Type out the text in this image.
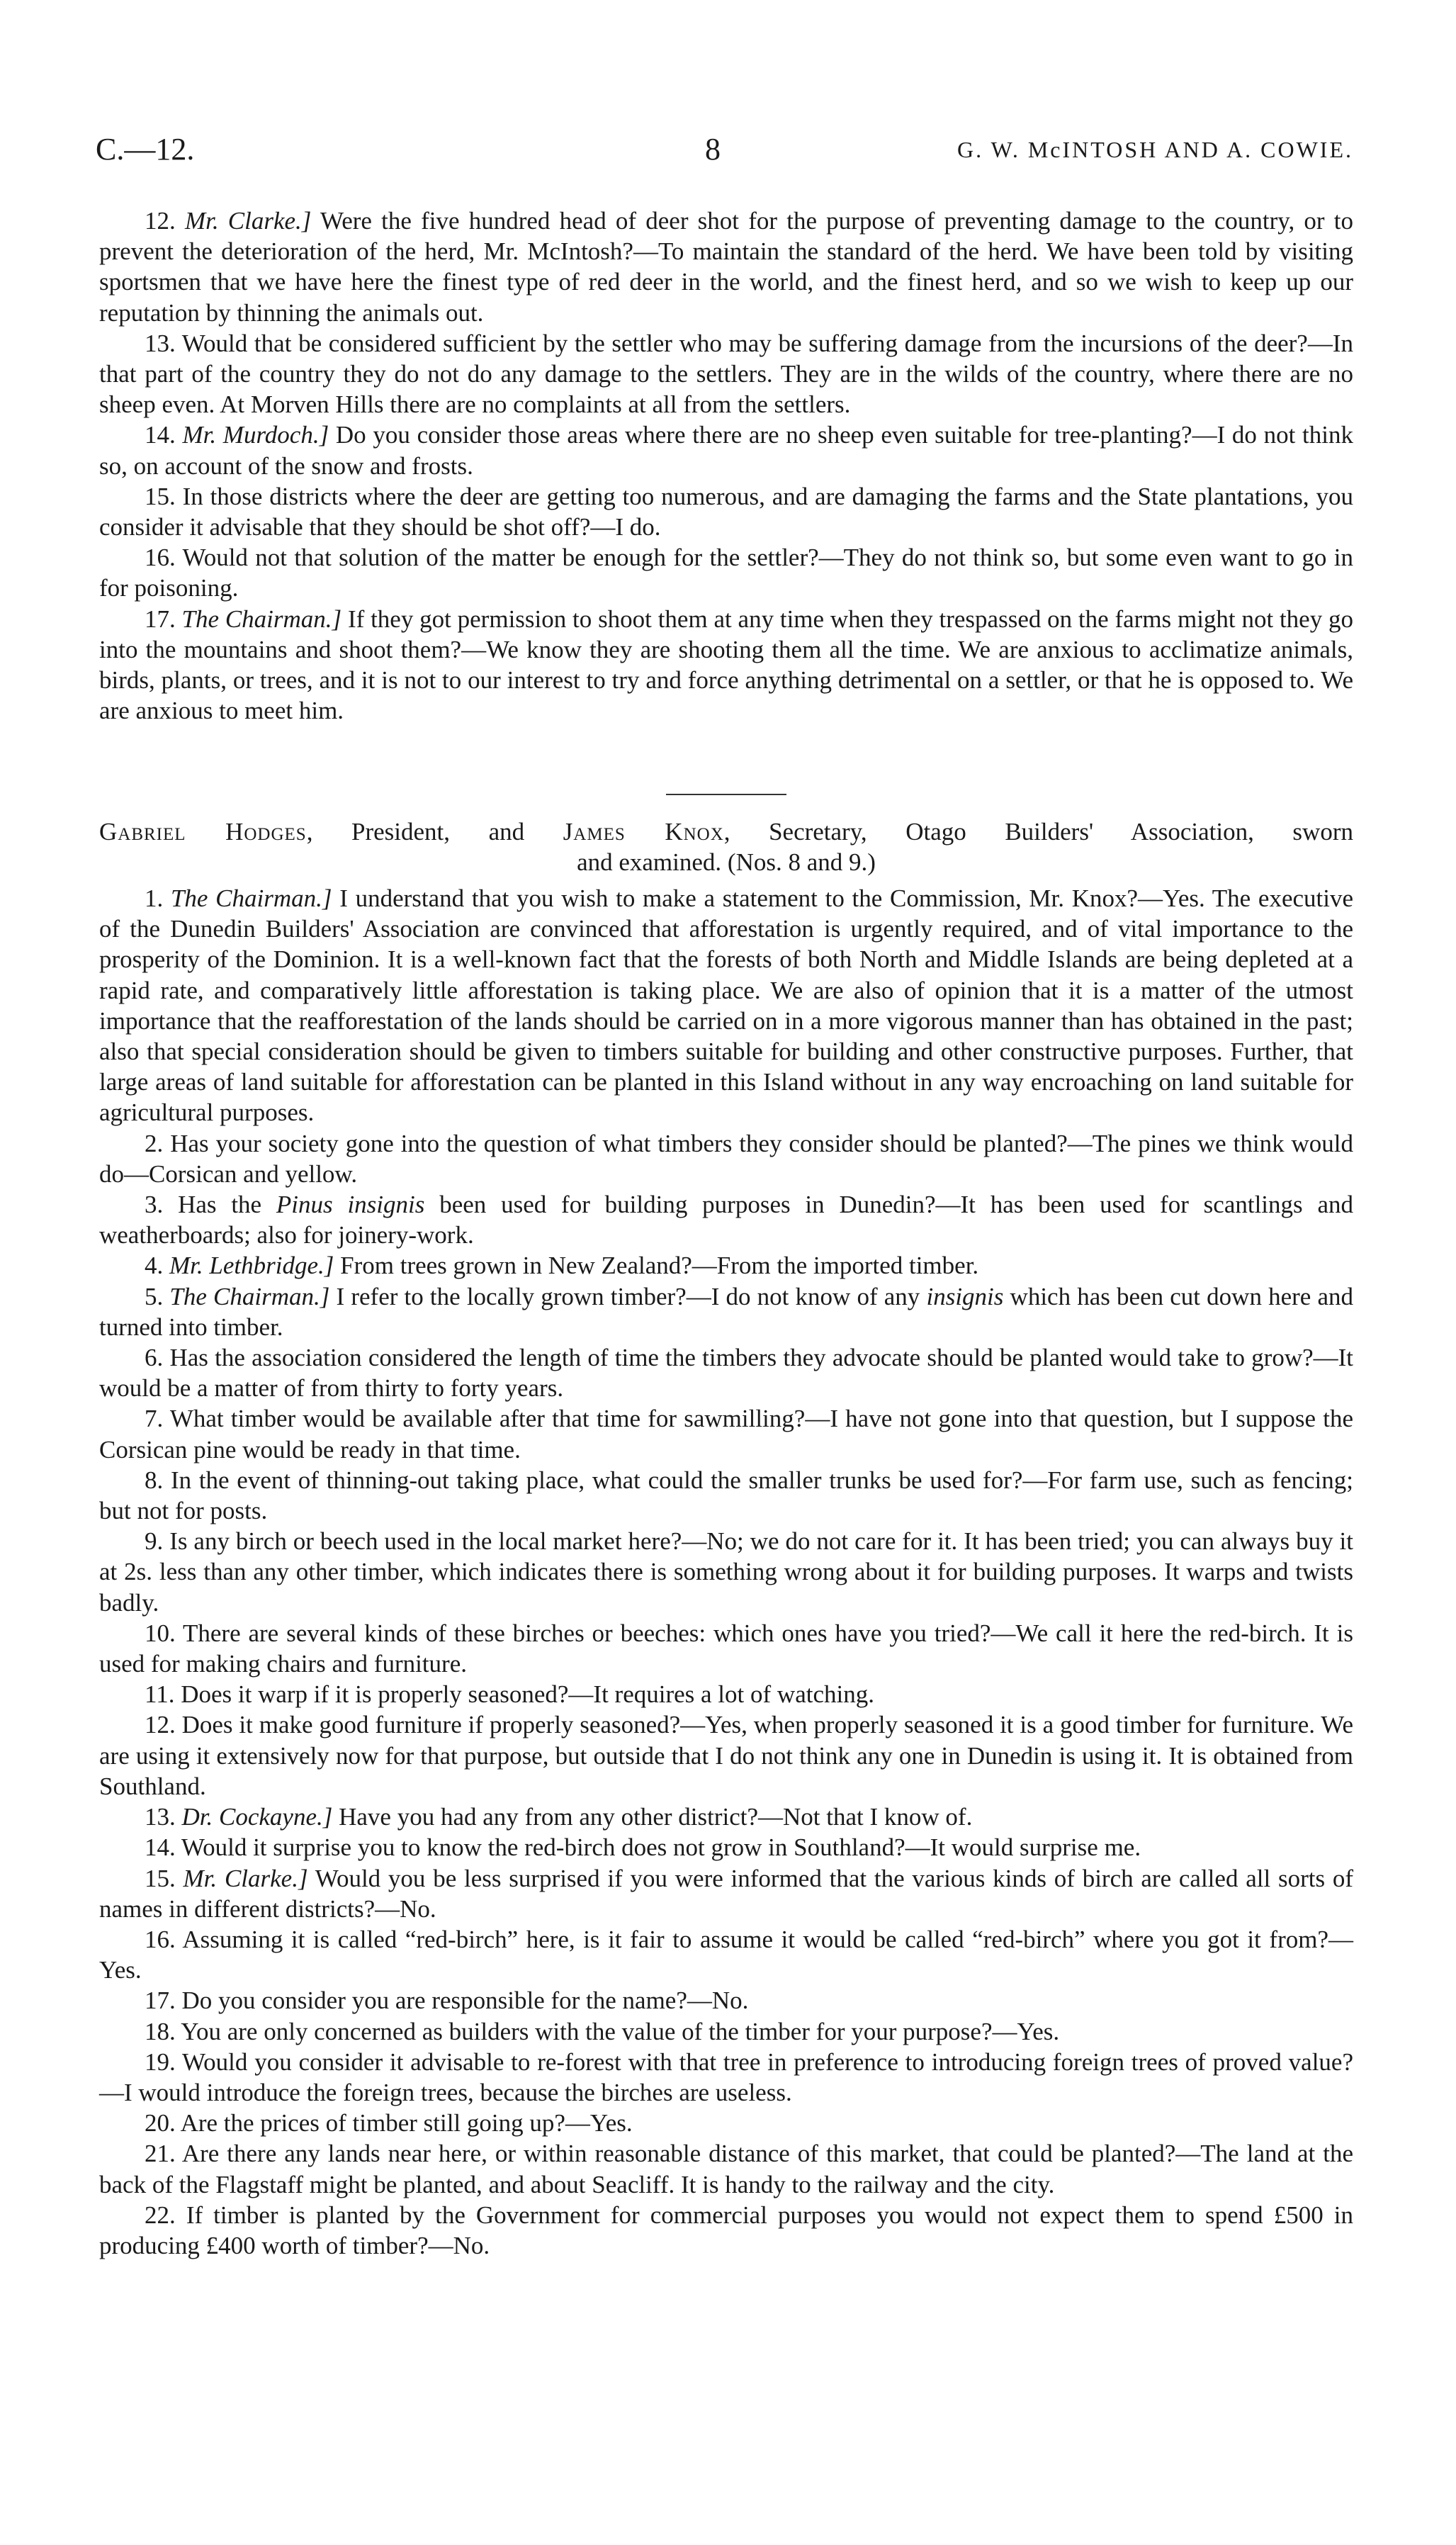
C.—12.	8	G. W. McINTOSH AND A. COWIE.

12. Mr. Clarke.] Were the five hundred head of deer shot for the purpose of preventing damage to the country, or to prevent the deterioration of the herd, Mr. McIntosh?—To maintain the standard of the herd. We have been told by visiting sportsmen that we have here the finest type of red deer in the world, and the finest herd, and so we wish to keep up our reputation by thinning the animals out.

13. Would that be considered sufficient by the settler who may be suffering damage from the incursions of the deer?—In that part of the country they do not do any damage to the settlers. They are in the wilds of the country, where there are no sheep even. At Morven Hills there are no complaints at all from the settlers.

14. Mr. Murdoch.] Do you consider those areas where there are no sheep even suitable for tree-planting?—I do not think so, on account of the snow and frosts.

15. In those districts where the deer are getting too numerous, and are damaging the farms and the State plantations, you consider it advisable that they should be shot off?—I do.

16. Would not that solution of the matter be enough for the settler?—They do not think so, but some even want to go in for poisoning.

17. The Chairman.] If they got permission to shoot them at any time when they trespassed on the farms might not they go into the mountains and shoot them?—We know they are shooting them all the time. We are anxious to acclimatize animals, birds, plants, or trees, and it is not to our interest to try and force anything detrimental on a settler, or that he is opposed to. We are anxious to meet him.

Gabriel Hodges, President, and James Knox, Secretary, Otago Builders' Association, sworn
and examined. (Nos. 8 and 9.)

1. The Chairman.] I understand that you wish to make a statement to the Commission, Mr. Knox?—Yes. The executive of the Dunedin Builders' Association are convinced that afforestation is urgently required, and of vital importance to the prosperity of the Dominion. It is a well-known fact that the forests of both North and Middle Islands are being depleted at a rapid rate, and comparatively little afforestation is taking place. We are also of opinion that it is a matter of the utmost importance that the reafforestation of the lands should be carried on in a more vigorous manner than has obtained in the past; also that special consideration should be given to timbers suitable for building and other constructive purposes. Further, that large areas of land suitable for afforestation can be planted in this Island without in any way encroaching on land suitable for agricultural purposes.

2. Has your society gone into the question of what timbers they consider should be planted?—The pines we think would do—Corsican and yellow.

3. Has the Pinus insignis been used for building purposes in Dunedin?—It has been used for scantlings and weatherboards; also for joinery-work.

4. Mr. Lethbridge.] From trees grown in New Zealand?—From the imported timber.

5. The Chairman.] I refer to the locally grown timber?—I do not know of any insignis which has been cut down here and turned into timber.

6. Has the association considered the length of time the timbers they advocate should be planted would take to grow?—It would be a matter of from thirty to forty years.

7. What timber would be available after that time for sawmilling?—I have not gone into that question, but I suppose the Corsican pine would be ready in that time.

8. In the event of thinning-out taking place, what could the smaller trunks be used for?—For farm use, such as fencing; but not for posts.

9. Is any birch or beech used in the local market here?—No; we do not care for it. It has been tried; you can always buy it at 2s. less than any other timber, which indicates there is something wrong about it for building purposes. It warps and twists badly.

10. There are several kinds of these birches or beeches: which ones have you tried?—We call it here the red-birch. It is used for making chairs and furniture.

11. Does it warp if it is properly seasoned?—It requires a lot of watching.

12. Does it make good furniture if properly seasoned?—Yes, when properly seasoned it is a good timber for furniture. We are using it extensively now for that purpose, but outside that I do not think any one in Dunedin is using it. It is obtained from Southland.

13. Dr. Cockayne.] Have you had any from any other district?—Not that I know of.

14. Would it surprise you to know the red-birch does not grow in Southland?—It would surprise me.

15. Mr. Clarke.] Would you be less surprised if you were informed that the various kinds of birch are called all sorts of names in different districts?—No.

16. Assuming it is called “red-birch” here, is it fair to assume it would be called “red-birch” where you got it from?—Yes.

17. Do you consider you are responsible for the name?—No.

18. You are only concerned as builders with the value of the timber for your purpose?—Yes.

19. Would you consider it advisable to re-forest with that tree in preference to introducing foreign trees of proved value?—I would introduce the foreign trees, because the birches are useless.

20. Are the prices of timber still going up?—Yes.

21. Are there any lands near here, or within reasonable distance of this market, that could be planted?—The land at the back of the Flagstaff might be planted, and about Seacliff. It is handy to the railway and the city.

22. If timber is planted by the Government for commercial purposes you would not expect them to spend £500 in producing £400 worth of timber?—No.
